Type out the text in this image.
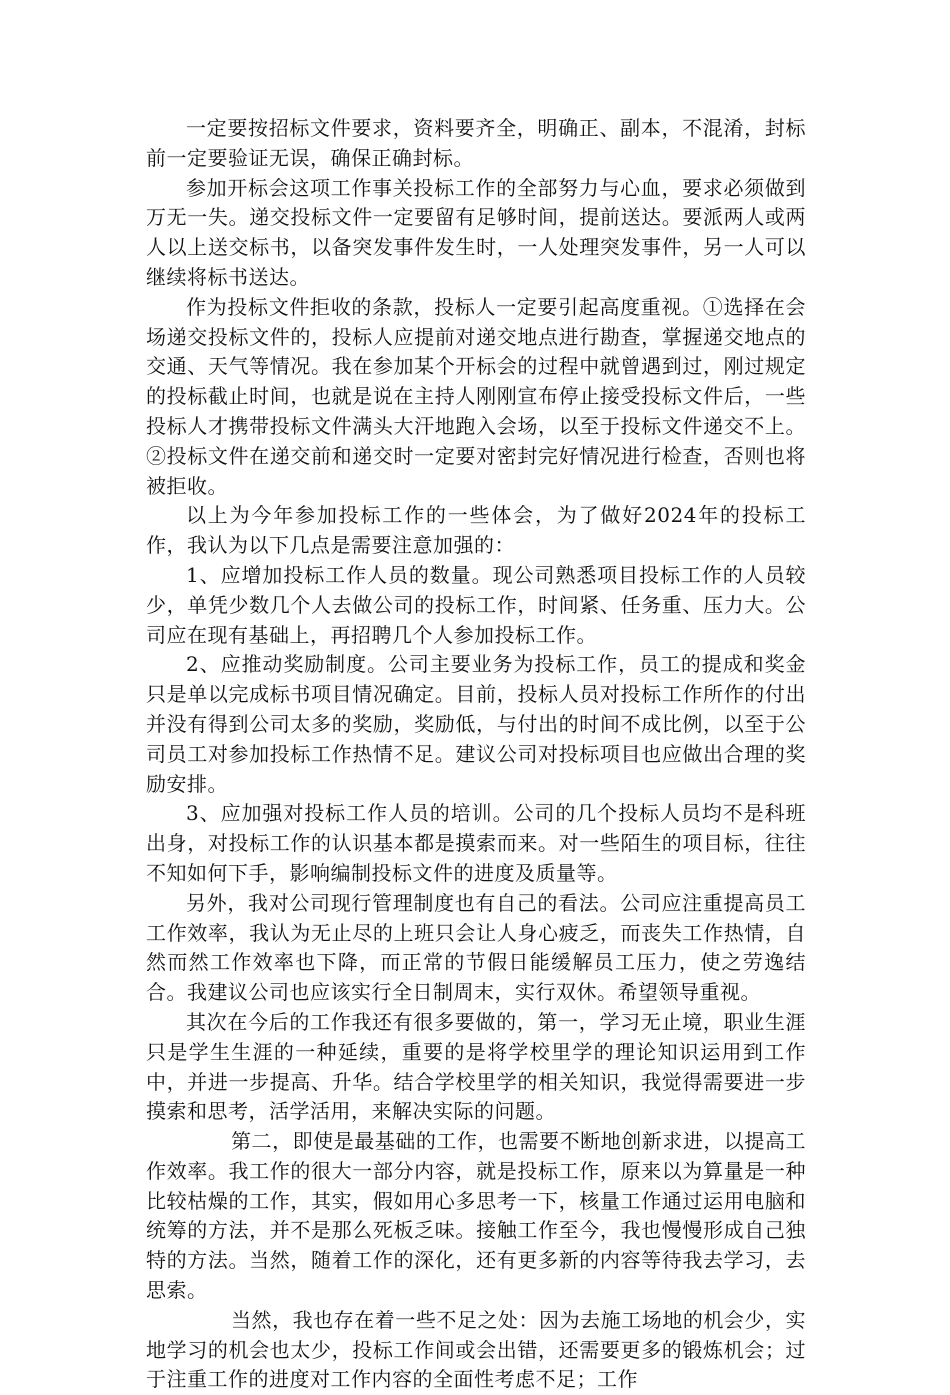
一定要按招标文件要求，资料要齐全，明确正、副本，不混淆，封标前一定要验证无误，确保正确封标。

参加开标会这项工作事关投标工作的全部努力与心血，要求必须做到万无一失。递交投标文件一定要留有足够时间，提前送达。要派两人或两人以上送交标书，以备突发事件发生时，一人处理突发事件，另一人可以继续将标书送达。

作为投标文件拒收的条款，投标人一定要引起高度重视。①选择在会场递交投标文件的，投标人应提前对递交地点进行勘查，掌握递交地点的交通、天气等情况。我在参加某个开标会的过程中就曾遇到过，刚过规定的投标截止时间，也就是说在主持人刚刚宣布停止接受投标文件后，一些投标人才携带投标文件满头大汗地跑入会场，以至于投标文件递交不上。②投标文件在递交前和递交时一定要对密封完好情况进行检查，否则也将被拒收。

以上为今年参加投标工作的一些体会，为了做好2024年的投标工作，我认为以下几点是需要注意加强的：

1、应增加投标工作人员的数量。现公司熟悉项目投标工作的人员较少，单凭少数几个人去做公司的投标工作，时间紧、任务重、压力大。公司应在现有基础上，再招聘几个人参加投标工作。

2、应推动奖励制度。公司主要业务为投标工作，员工的提成和奖金只是单以完成标书项目情况确定。目前，投标人员对投标工作所作的付出并没有得到公司太多的奖励，奖励低，与付出的时间不成比例，以至于公司员工对参加投标工作热情不足。建议公司对投标项目也应做出合理的奖励安排。

3、应加强对投标工作人员的培训。公司的几个投标人员均不是科班出身，对投标工作的认识基本都是摸索而来。对一些陌生的项目标，往往不知如何下手，影响编制投标文件的进度及质量等。

另外，我对公司现行管理制度也有自己的看法。公司应注重提高员工工作效率，我认为无止尽的上班只会让人身心疲乏，而丧失工作热情，自然而然工作效率也下降，而正常的节假日能缓解员工压力，使之劳逸结合。我建议公司也应该实行全日制周末，实行双休。希望领导重视。

其次在今后的工作我还有很多要做的，第一，学习无止境，职业生涯只是学生生涯的一种延续，重要的是将学校里学的理论知识运用到工作中，并进一步提高、升华。结合学校里学的相关知识，我觉得需要进一步摸索和思考，活学活用，来解决实际的问题。

第二，即使是最基础的工作，也需要不断地创新求进，以提高工作效率。我工作的很大一部分内容，就是投标工作，原来以为算量是一种比较枯燥的工作，其实，假如用心多思考一下，核量工作通过运用电脑和统筹的方法，并不是那么死板乏味。接触工作至今，我也慢慢形成自己独特的方法。当然，随着工作的深化，还有更多新的内容等待我去学习，去思索。

当然，我也存在着一些不足之处：因为去施工场地的机会少，实地学习的机会也太少，投标工作间或会出错，还需要更多的锻炼机会；过于注重工作的进度对工作内容的全面性考虑不足；工作
